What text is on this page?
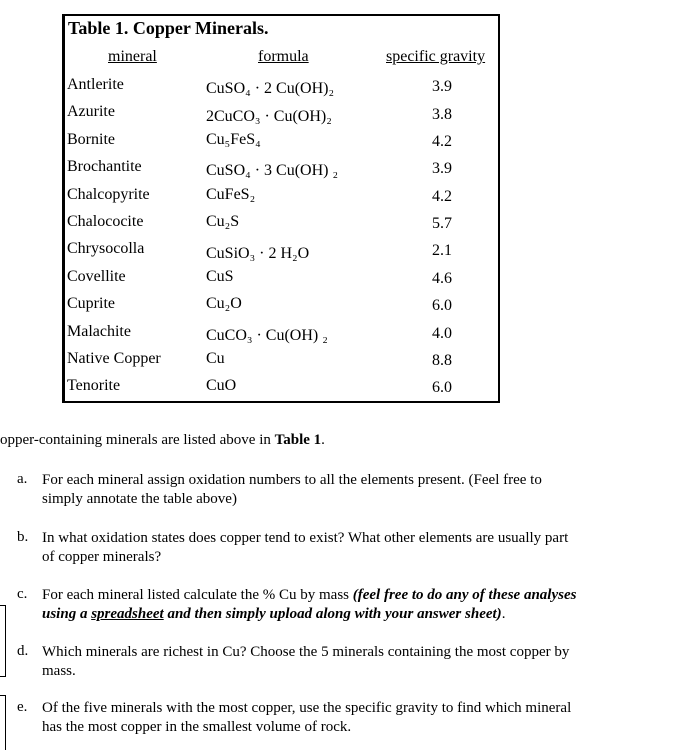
Table 1. Copper Minerals.
mineral	formula	specific gravity
Antlerite	CuSO₄ · 2 Cu(OH)₂	3.9
Azurite	2CuCO₃ · Cu(OH)₂	3.8
Bornite	Cu₅FeS₄	4.2
Brochantite	CuSO₄ · 3 Cu(OH) ₂	3.9
Chalcopyrite	CuFeS₂	4.2
Chalococite	Cu₂S	5.7
Chrysocolla	CuSiO₃ · 2 H₂O	2.1
Covellite	CuS	4.6
Cuprite	Cu₂O	6.0
Malachite	CuCO₃ · Cu(OH) ₂	4.0
Native Copper	Cu	8.8
Tenorite	CuO	6.0
opper-containing minerals are listed above in Table 1.
a. For each mineral assign oxidation numbers to all the elements present. (Feel free to
simply annotate the table above)
b. In what oxidation states does copper tend to exist? What other elements are usually part
of copper minerals?
c. For each mineral listed calculate the % Cu by mass (feel free to do any of these analyses
using a spreadsheet and then simply upload along with your answer sheet).
d. Which minerals are richest in Cu? Choose the 5 minerals containing the most copper by
mass.
e. Of the five minerals with the most copper, use the specific gravity to find which mineral
has the most copper in the smallest volume of rock.
